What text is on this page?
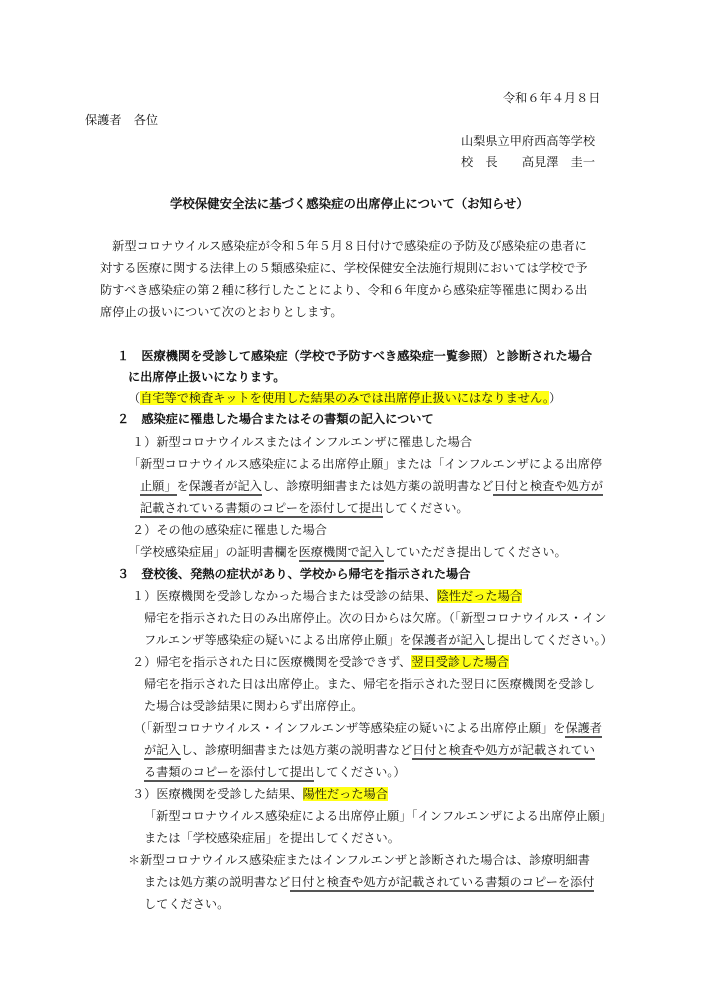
令和６年４月８日
保護者　各位
山梨県立甲府西高等学校
校　長　　高見澤　圭一
学校保健安全法に基づく感染症の出席停止について（お知らせ）
　新型コロナウイルス感染症が令和５年５月８日付けで感染症の予防及び感染症の患者に
対する医療に関する法律上の５類感染症に、学校保健安全法施行規則においては学校で予
防すべき感染症の第２種に移行したことにより、令和６年度から感染症等罹患に関わる出
席停止の扱いについて次のとおりとします。
１　医療機関を受診して感染症（学校で予防すべき感染症一覧参照）と診断された場合
に出席停止扱いになります。
（自宅等で検査キットを使用した結果のみでは出席停止扱いにはなりません。）
２　感染症に罹患した場合またはその書類の記入について
１）新型コロナウイルスまたはインフルエンザに罹患した場合
「新型コロナウイルス感染症による出席停止願」または「インフルエンザによる出席停
止願」を保護者が記入し、診療明細書または処方薬の説明書など日付と検査や処方が
記載されている書類のコピーを添付して提出してください。
２）その他の感染症に罹患した場合
「学校感染症届」の証明書欄を医療機関で記入していただき提出してください。
３　登校後、発熱の症状があり、学校から帰宅を指示された場合
１）医療機関を受診しなかった場合または受診の結果、陰性だった場合
帰宅を指示された日のみ出席停止。次の日からは欠席。（「新型コロナウイルス・イン
フルエンザ等感染症の疑いによる出席停止願」を保護者が記入し提出してください。）
２）帰宅を指示された日に医療機関を受診できず、翌日受診した場合
帰宅を指示された日は出席停止。また、帰宅を指示された翌日に医療機関を受診し
た場合は受診結果に関わらず出席停止。
（「新型コロナウイルス・インフルエンザ等感染症の疑いによる出席停止願」を保護者
が記入し、診療明細書または処方薬の説明書など日付と検査や処方が記載されてい
る書類のコピーを添付して提出してください。）
３）医療機関を受診した結果、陽性だった場合
「新型コロナウイルス感染症による出席停止願」「インフルエンザによる出席停止願」
または「学校感染症届」を提出してください。
＊新型コロナウイルス感染症またはインフルエンザと診断された場合は、診療明細書
または処方薬の説明書など日付と検査や処方が記載されている書類のコピーを添付
してください。
